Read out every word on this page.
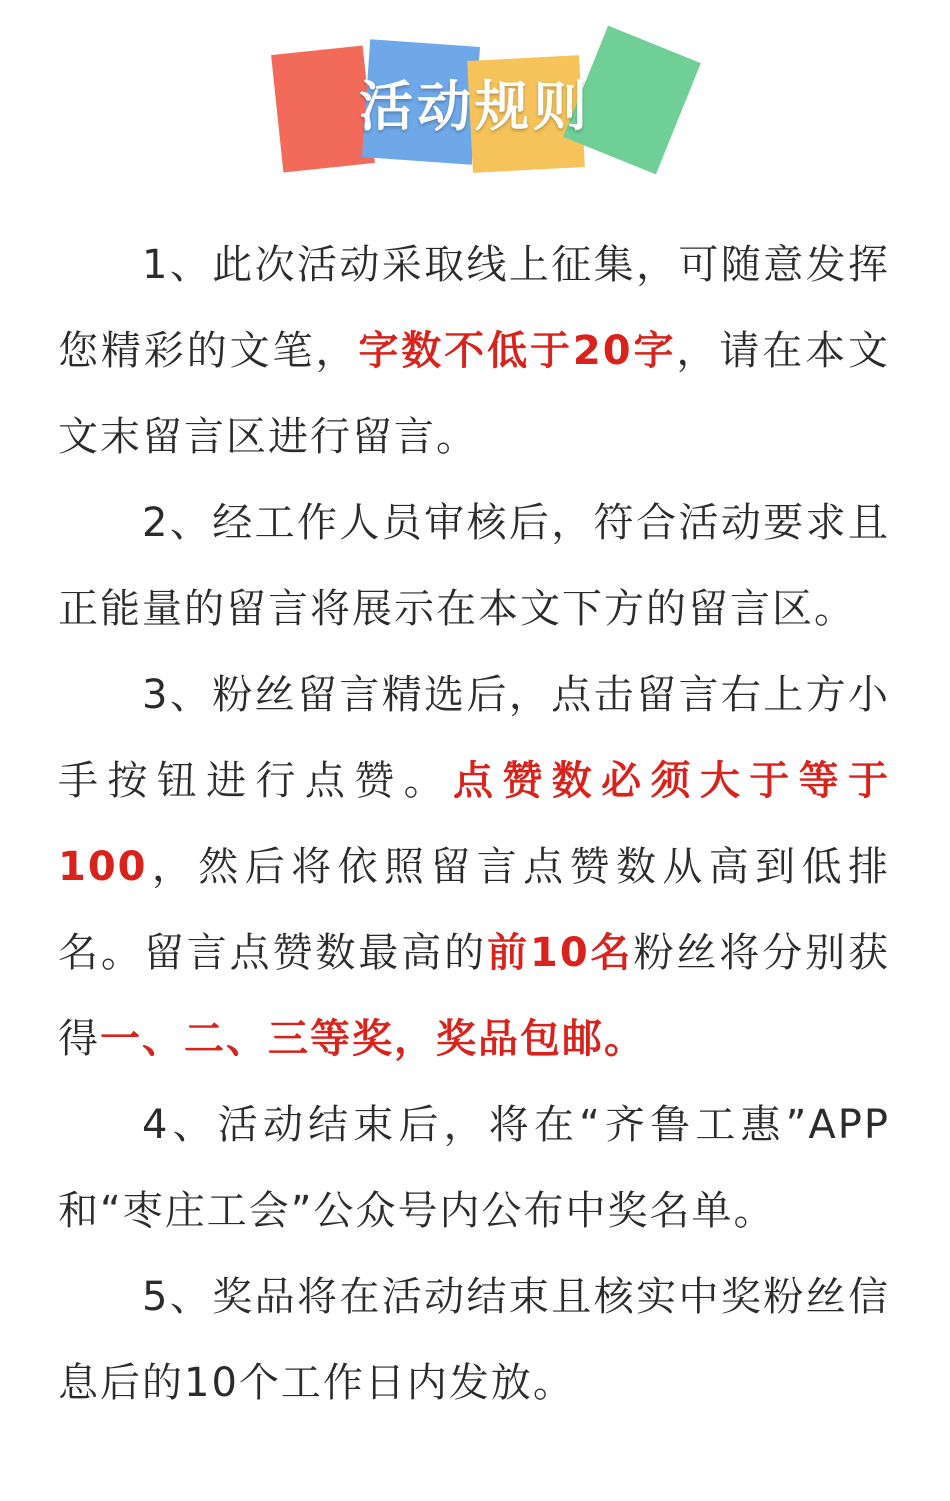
活动规则

1、此次活动采取线上征集，可随意发挥您精彩的文笔，字数不低于20字，请在本文文末留言区进行留言。

2、经工作人员审核后，符合活动要求且正能量的留言将展示在本文下方的留言区。

3、粉丝留言精选后，点击留言右上方小手按钮进行点赞。点赞数必须大于等于100，然后将依照留言点赞数从高到低排名。留言点赞数最高的前10名粉丝将分别获得一、二、三等奖，奖品包邮。

4、活动结束后，将在“齐鲁工惠”APP和“枣庄工会”公众号内公布中奖名单。

5、奖品将在活动结束且核实中奖粉丝信息后的10个工作日内发放。
